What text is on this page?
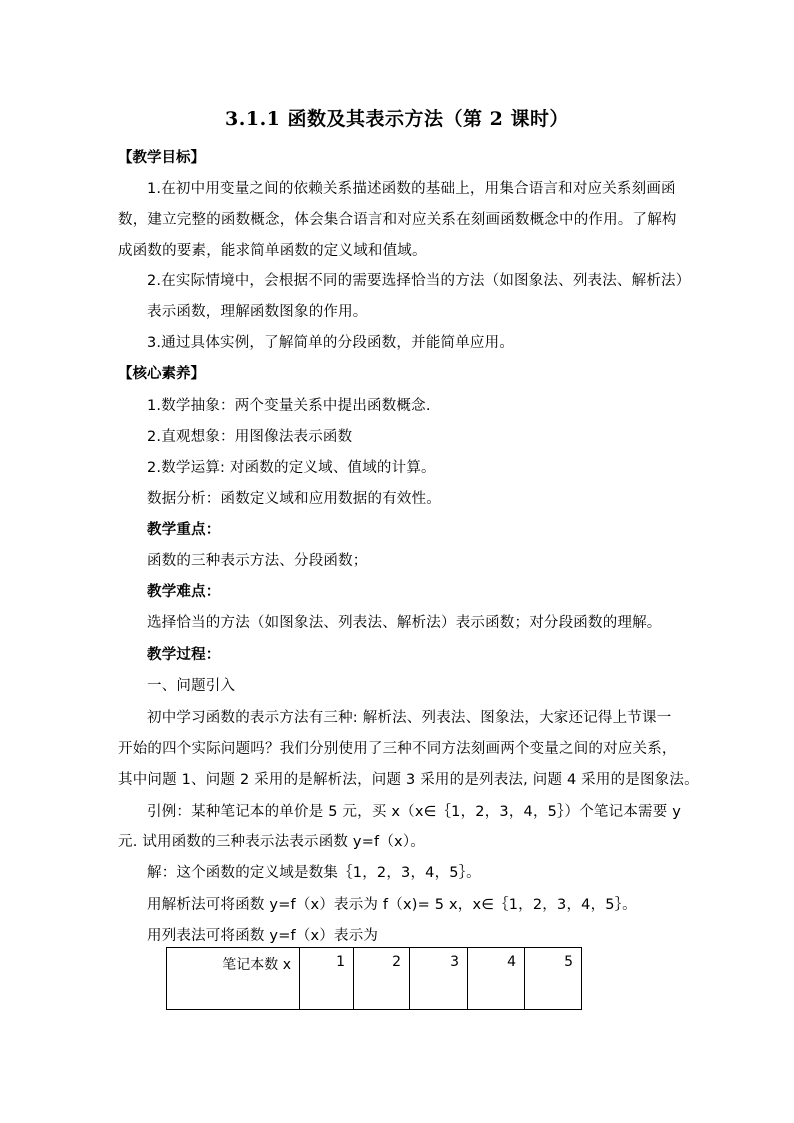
3.1.1 函数及其表示方法（第 2 课时）
【教学目标】
1.在初中用变量之间的依赖关系描述函数的基础上，用集合语言和对应关系刻画函
数，建立完整的函数概念，体会集合语言和对应关系在刻画函数概念中的作用。了解构
成函数的要素，能求简单函数的定义域和值域。
2.在实际情境中，会根据不同的需要选择恰当的方法（如图象法、列表法、解析法）
表示函数，理解函数图象的作用。
3.通过具体实例，了解简单的分段函数，并能简单应用。
【核心素养】
1.数学抽象：两个变量关系中提出函数概念.
2.直观想象：用图像法表示函数
2.数学运算: 对函数的定义域、值域的计算。
数据分析：函数定义域和应用数据的有效性。
教学重点：
函数的三种表示方法、分段函数；
教学难点：
选择恰当的方法（如图象法、列表法、解析法）表示函数；对分段函数的理解。
教学过程：
一、问题引入
初中学习函数的表示方法有三种: 解析法、列表法、图象法，大家还记得上节课一
开始的四个实际问题吗？我们分别使用了三种不同方法刻画两个变量之间的对应关系，
其中问题 1、问题 2 采用的是解析法，问题 3 采用的是列表法, 问题 4 采用的是图象法。
引例：某种笔记本的单价是 5 元，买 x（x∈｛1，2，3，4，5｝）个笔记本需要 y
元. 试用函数的三种表示法表示函数 y=f（x）。
解：这个函数的定义域是数集｛1，2，3，4，5｝。
用解析法可将函数 y=f（x）表示为 f（x)= 5 x，x∈｛1，2，3，4，5｝。
用列表法可将函数 y=f（x）表示为
笔记本数 x	1	2	3	4	5
